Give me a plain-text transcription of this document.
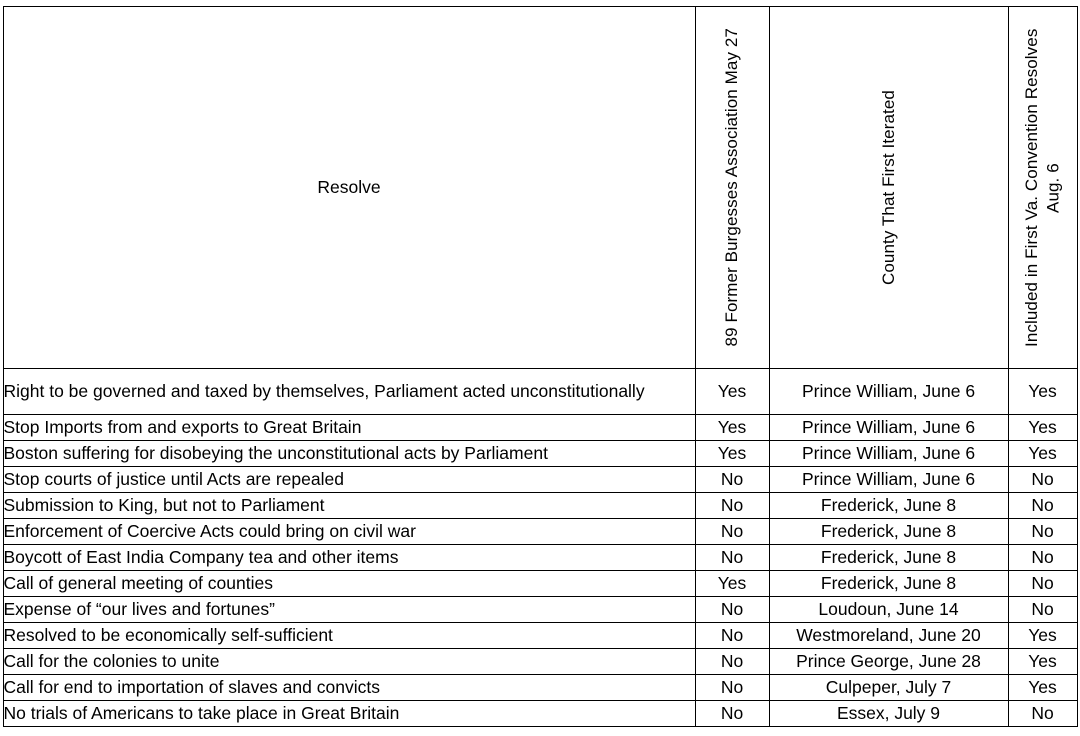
Resolve	89 Former Burgesses Association May 27	County That First Iterated	Included in First Va. Convention Resolves Aug. 6

Right to be governed and taxed by themselves, Parliament acted unconstitutionally	Yes	Prince William, June 6	Yes
Stop Imports from and exports to Great Britain	Yes	Prince William, June 6	Yes
Boston suffering for disobeying the unconstitutional acts by Parliament	Yes	Prince William, June 6	Yes
Stop courts of justice until Acts are repealed	No	Prince William, June 6	No
Submission to King, but not to Parliament	No	Frederick, June 8	No
Enforcement of Coercive Acts could bring on civil war	No	Frederick, June 8	No
Boycott of East India Company tea and other items	No	Frederick, June 8	No
Call of general meeting of counties	Yes	Frederick, June 8	No
Expense of “our lives and fortunes”	No	Loudoun, June 14	No
Resolved to be economically self-sufficient	No	Westmoreland, June 20	Yes
Call for the colonies to unite	No	Prince George, June 28	Yes
Call for end to importation of slaves and convicts	No	Culpeper, July 7	Yes
No trials of Americans to take place in Great Britain	No	Essex, July 9	No
